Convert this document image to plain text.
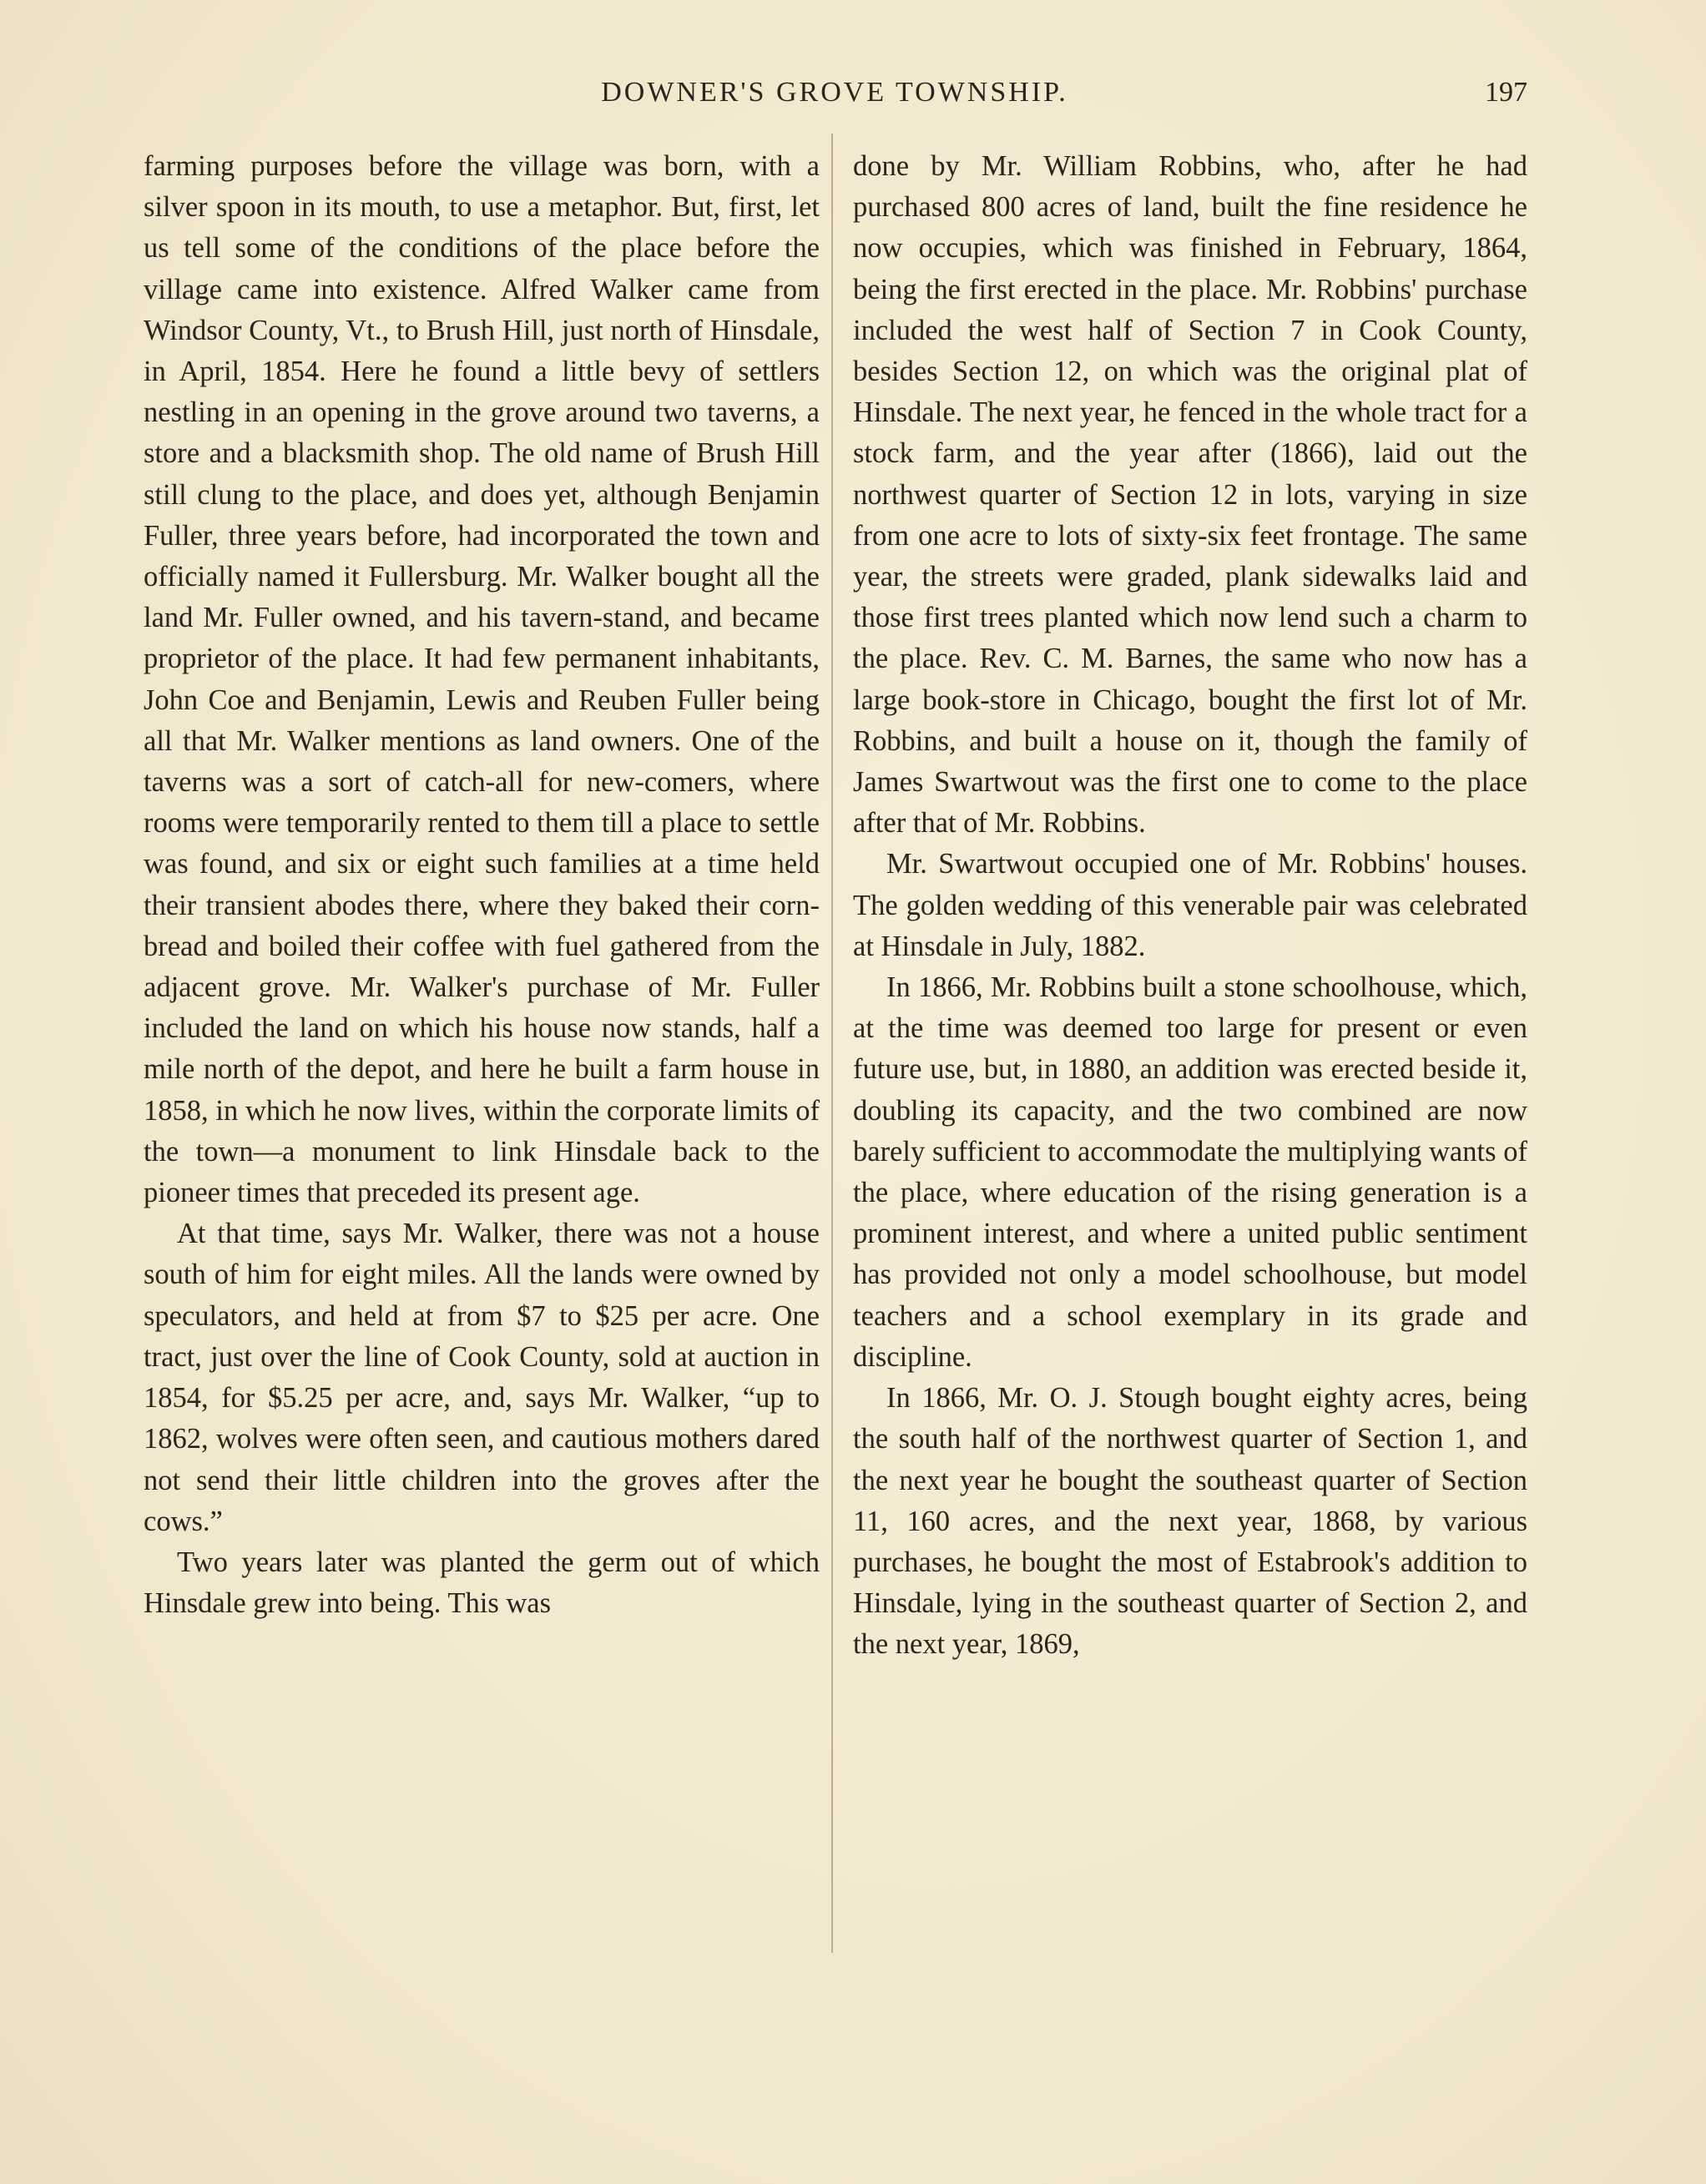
DOWNER'S GROVE TOWNSHIP.	197

farming purposes before the village was born, with a silver spoon in its mouth, to use a metaphor. But, first, let us tell some of the conditions of the place before the village came into existence. Alfred Walker came from Windsor County, Vt., to Brush Hill, just north of Hinsdale, in April, 1854. Here he found a little bevy of settlers nestling in an opening in the grove around two taverns, a store and a blacksmith shop. The old name of Brush Hill still clung to the place, and does yet, although Benjamin Fuller, three years before, had incorporated the town and officially named it Fullersburg. Mr. Walker bought all the land Mr. Fuller owned, and his tavern-stand, and became proprietor of the place. It had few permanent inhabitants, John Coe and Benjamin, Lewis and Reuben Fuller being all that Mr. Walker mentions as land owners. One of the taverns was a sort of catch-all for new-comers, where rooms were temporarily rented to them till a place to settle was found, and six or eight such families at a time held their transient abodes there, where they baked their corn-bread and boiled their coffee with fuel gathered from the adjacent grove. Mr. Walker's purchase of Mr. Fuller included the land on which his house now stands, half a mile north of the depot, and here he built a farm house in 1858, in which he now lives, within the corporate limits of the town—a monument to link Hinsdale back to the pioneer times that preceded its present age.

At that time, says Mr. Walker, there was not a house south of him for eight miles. All the lands were owned by speculators, and held at from $7 to $25 per acre. One tract, just over the line of Cook County, sold at auction in 1854, for $5.25 per acre, and, says Mr. Walker, “up to 1862, wolves were often seen, and cautious mothers dared not send their little children into the groves after the cows.”

Two years later was planted the germ out of which Hinsdale grew into being. This was

done by Mr. William Robbins, who, after he had purchased 800 acres of land, built the fine residence he now occupies, which was finished in February, 1864, being the first erected in the place. Mr. Robbins' purchase included the west half of Section 7 in Cook County, besides Section 12, on which was the original plat of Hinsdale. The next year, he fenced in the whole tract for a stock farm, and the year after (1866), laid out the northwest quarter of Section 12 in lots, varying in size from one acre to lots of sixty-six feet frontage. The same year, the streets were graded, plank sidewalks laid and those first trees planted which now lend such a charm to the place. Rev. C. M. Barnes, the same who now has a large book-store in Chicago, bought the first lot of Mr. Robbins, and built a house on it, though the family of James Swartwout was the first one to come to the place after that of Mr. Robbins.

Mr. Swartwout occupied one of Mr. Robbins' houses. The golden wedding of this venerable pair was celebrated at Hinsdale in July, 1882.

In 1866, Mr. Robbins built a stone schoolhouse, which, at the time was deemed too large for present or even future use, but, in 1880, an addition was erected beside it, doubling its capacity, and the two combined are now barely sufficient to accommodate the multiplying wants of the place, where education of the rising generation is a prominent interest, and where a united public sentiment has provided not only a model schoolhouse, but model teachers and a school exemplary in its grade and discipline.

In 1866, Mr. O. J. Stough bought eighty acres, being the south half of the northwest quarter of Section 1, and the next year he bought the southeast quarter of Section 11, 160 acres, and the next year, 1868, by various purchases, he bought the most of Estabrook's addition to Hinsdale, lying in the southeast quarter of Section 2, and the next year, 1869,
